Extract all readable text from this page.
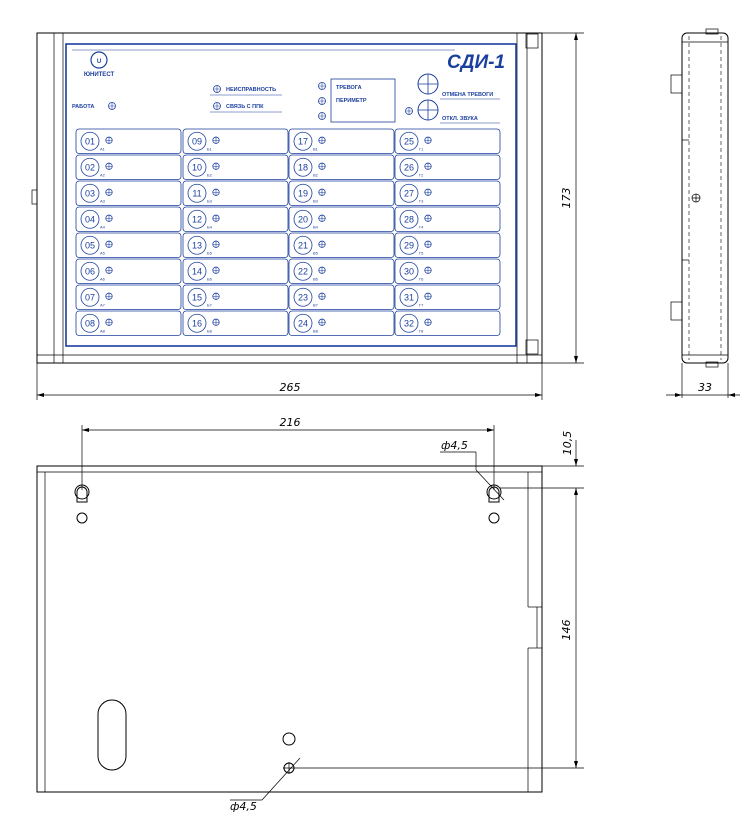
U
ЮНИТЕСТ
СДИ-1
РАБОТА
НЕИСПРАВНОСТЬ
СВЯЗЬ С ППК
ТРЕВОГА
ПЕРИМЕТР
ОТМЕНА ТРЕВОГИ
ОТКЛ. ЗВУКА
01
А1
02
А2
03
А3
04
А4
05
А5
06
А6
07
А7
08
А8
09
Б1
10
Б2
11
Б3
12
Б4
13
Б5
14
Б6
15
Б7
16
Б8
17
В1
18
В2
19
В3
20
В4
21
В5
22
В6
23
В7
24
В8
25
Г1
26
Г2
27
Г3
28
Г4
29
Г5
30
Г6
31
Г7
32
Г8
265
173
33
216
ф4,5	10,5
146
ф4,5
